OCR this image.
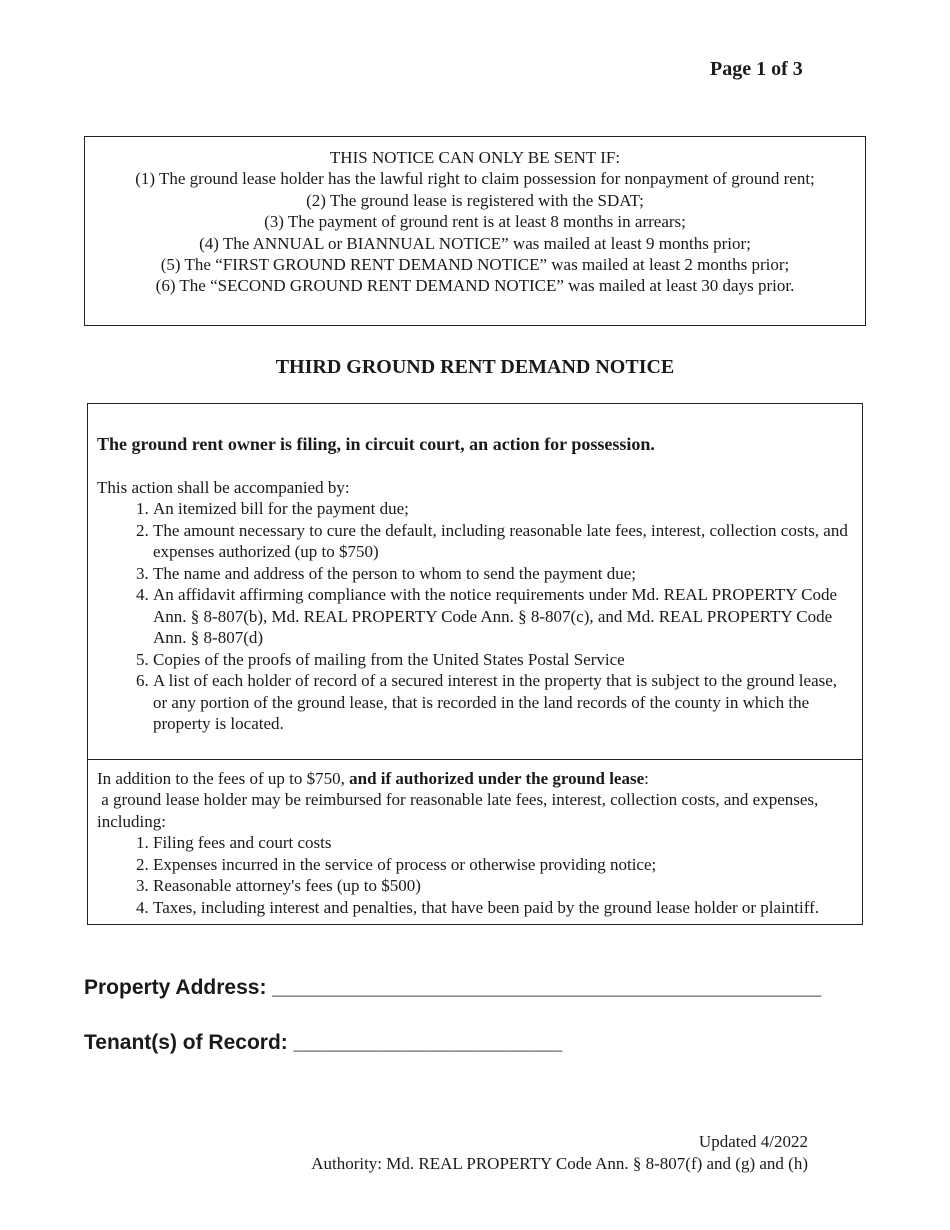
Page 1 of 3
THIS NOTICE CAN ONLY BE SENT IF:
(1) The ground lease holder has the lawful right to claim possession for nonpayment of ground rent;
(2) The ground lease is registered with the SDAT;
(3) The payment of ground rent is at least 8 months in arrears;
(4) The ANNUAL or BIANNUAL NOTICE” was mailed at least 9 months prior;
(5) The “FIRST GROUND RENT DEMAND NOTICE” was mailed at least 2 months prior;
(6) The “SECOND GROUND RENT DEMAND NOTICE” was mailed at least 30 days prior.
THIRD GROUND RENT DEMAND NOTICE
The ground rent owner is filing, in circuit court, an action for possession.
This action shall be accompanied by:
1. An itemized bill for the payment due;
2. The amount necessary to cure the default, including reasonable late fees, interest, collection costs, and expenses authorized (up to $750)
3. The name and address of the person to whom to send the payment due;
4. An affidavit affirming compliance with the notice requirements under Md. REAL PROPERTY Code Ann. § 8-807(b), Md. REAL PROPERTY Code Ann. § 8-807(c), and Md. REAL PROPERTY Code Ann. § 8-807(d)
5. Copies of the proofs of mailing from the United States Postal Service
6. A list of each holder of record of a secured interest in the property that is subject to the ground lease, or any portion of the ground lease, that is recorded in the land records of the county in which the property is located.
In addition to the fees of up to $750, and if authorized under the ground lease:
a ground lease holder may be reimbursed for reasonable late fees, interest, collection costs, and expenses, including:
1. Filing fees and court costs
2. Expenses incurred in the service of process or otherwise providing notice;
3. Reasonable attorney's fees (up to $500)
4. Taxes, including interest and penalties, that have been paid by the ground lease holder or plaintiff.
Property Address: _______________________________________________
Tenant(s) of Record: _______________________
Updated 4/2022
Authority: Md. REAL PROPERTY Code Ann. § 8-807(f) and (g) and (h)
